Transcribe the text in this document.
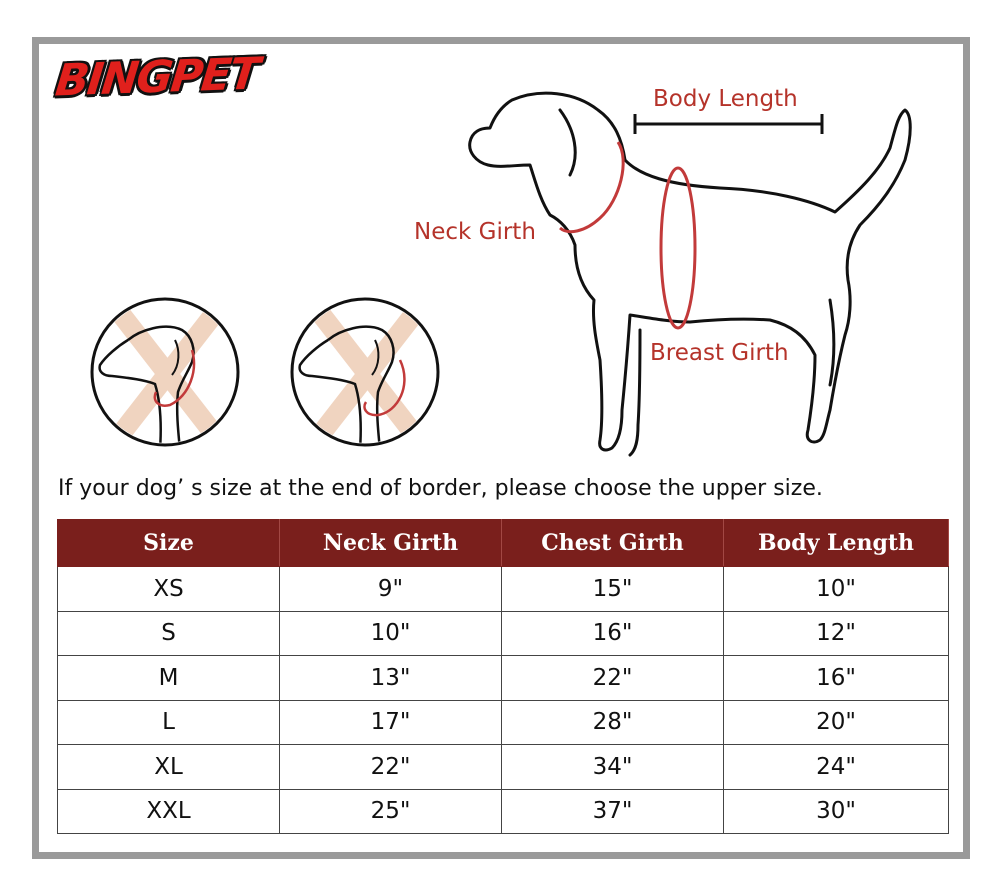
BINGPET	Body Length
Neck Girth
Breast Girth
If your dog’ s size at the end of border, please choose the upper size.
Size	Neck Girth	Chest Girth	Body Length
XS	9"	15"	10"
S	10"	16"	12"
M	13"	22"	16"
L	17"	28"	20"
XL	22"	34"	24"
XXL	25"	37"	30"
